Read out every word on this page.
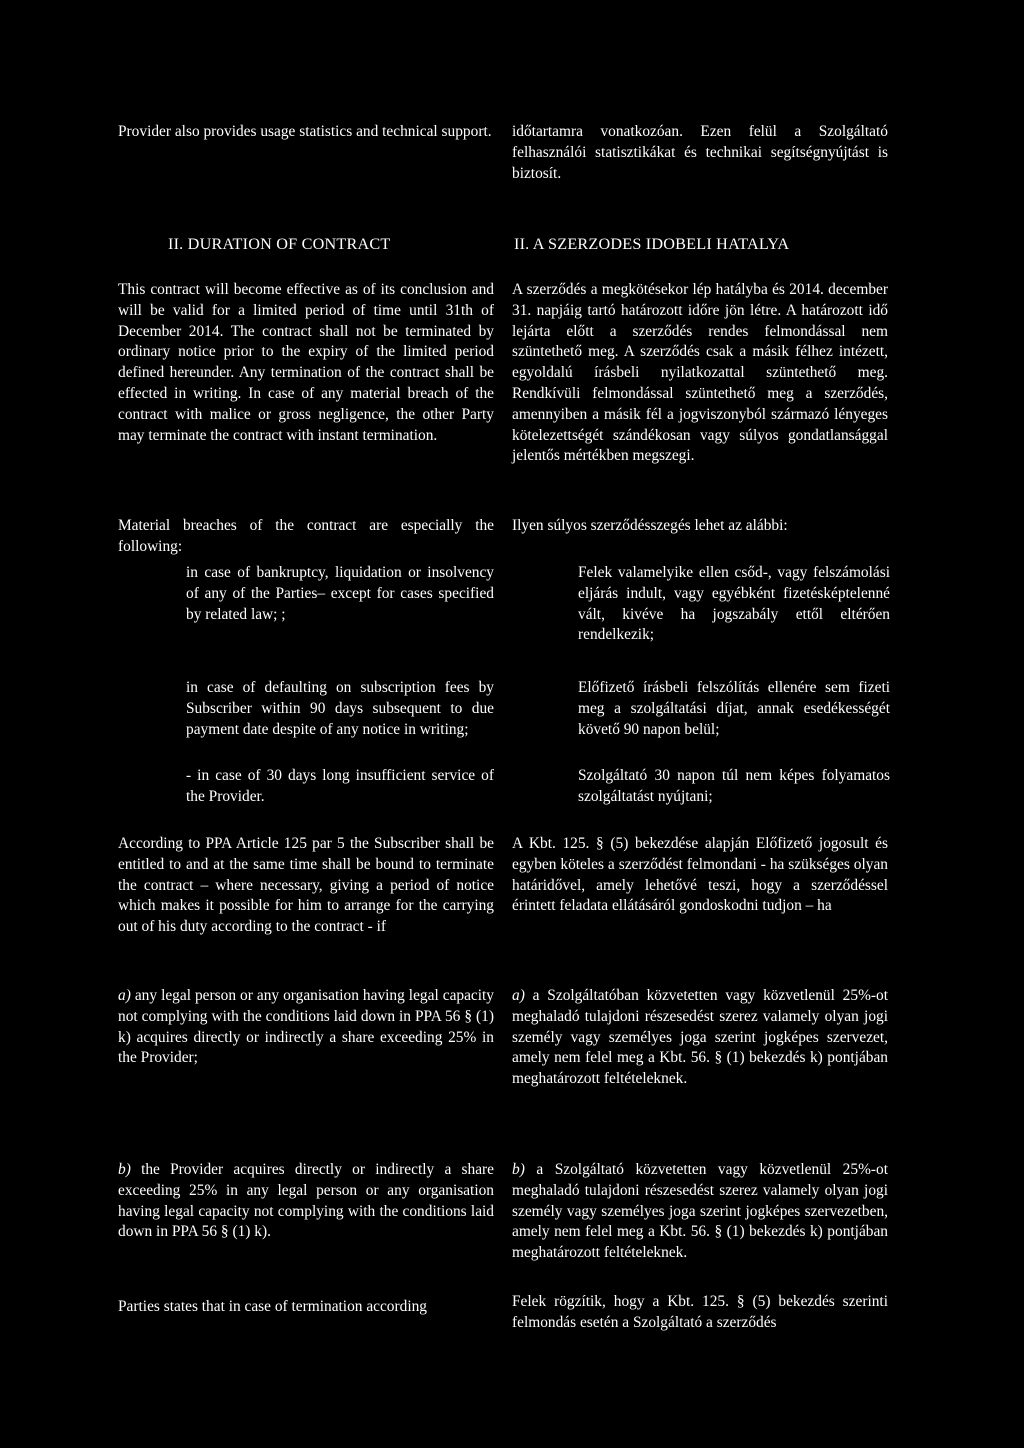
Provider also provides usage statistics and technical support.
II. DURATION OF CONTRACT
This contract will become effective as of its conclusion and will be valid for a limited period of time until 31th of December 2014. The contract shall not be terminated by ordinary notice prior to the expiry of the limited period defined hereunder. Any termination of the contract shall be effected in writing. In case of any material breach of the contract with malice or gross negligence, the other Party may terminate the contract with instant termination.
Material breaches of the contract are especially the following:
in case of bankruptcy, liquidation or insolvency of any of the Parties– except for cases specified by related law; ;
in case of defaulting on subscription fees by Subscriber within 90 days subsequent to due payment date despite of any notice in writing;
- in case of 30 days long insufficient service of the Provider.
According to PPA Article 125 par 5 the Subscriber shall be entitled to and at the same time shall be bound to terminate the contract – where necessary, giving a period of notice which makes it possible for him to arrange for the carrying out of his duty according to the contract - if
a) any legal person or any organisation having legal capacity not complying with the conditions laid down in PPA 56 § (1) k) acquires directly or indirectly a share exceeding 25% in the Provider;
b) the Provider acquires directly or indirectly a share exceeding 25% in any legal person or any organisation having legal capacity not complying with the conditions laid down in PPA 56 § (1) k).
Parties states that in case of termination according
időtartamra vonatkozóan. Ezen felül a Szolgáltató felhasználói statisztikákat és technikai segítségnyújtást is biztosít.
II. A SZERZODES IDOBELI HATALYA
A szerződés a megkötésekor lép hatályba és 2014. december 31. napjáig tartó határozott időre jön létre. A határozott idő lejárta előtt a szerződés rendes felmondással nem szüntethető meg. A szerződés csak a másik félhez intézett, egyoldalú írásbeli nyilatkozattal szüntethető meg. Rendkívüli felmondással szüntethető meg a szerződés, amennyiben a másik fél a jogviszonyból származó lényeges kötelezettségét szándékosan vagy súlyos gondatlansággal jelentős mértékben megszegi.
Ilyen súlyos szerződésszegés lehet az alábbi:
Felek valamelyike ellen csőd-, vagy felszámolási eljárás indult, vagy egyébként fizetésképtelenné vált, kivéve ha jogszabály ettől eltérően rendelkezik;
Előfizető írásbeli felszólítás ellenére sem fizeti meg a szolgáltatási díjat, annak esedékességét követő 90 napon belül;
Szolgáltató 30 napon túl nem képes folyamatos szolgáltatást nyújtani;
A Kbt. 125. § (5) bekezdése alapján Előfizető jogosult és egyben köteles a szerződést felmondani - ha szükséges olyan határidővel, amely lehetővé teszi, hogy a szerződéssel érintett feladata ellátásáról gondoskodni tudjon – ha
a) a Szolgáltatóban közvetetten vagy közvetlenül 25%-ot meghaladó tulajdoni részesedést szerez valamely olyan jogi személy vagy személyes joga szerint jogképes szervezet, amely nem felel meg a Kbt. 56. § (1) bekezdés k) pontjában meghatározott feltételeknek.
b) a Szolgáltató közvetetten vagy közvetlenül 25%-ot meghaladó tulajdoni részesedést szerez valamely olyan jogi személy vagy személyes joga szerint jogképes szervezetben, amely nem felel meg a Kbt. 56. § (1) bekezdés k) pontjában meghatározott feltételeknek.
Felek rögzítik, hogy a Kbt. 125. § (5) bekezdés szerinti felmondás esetén a Szolgáltató a szerződés
